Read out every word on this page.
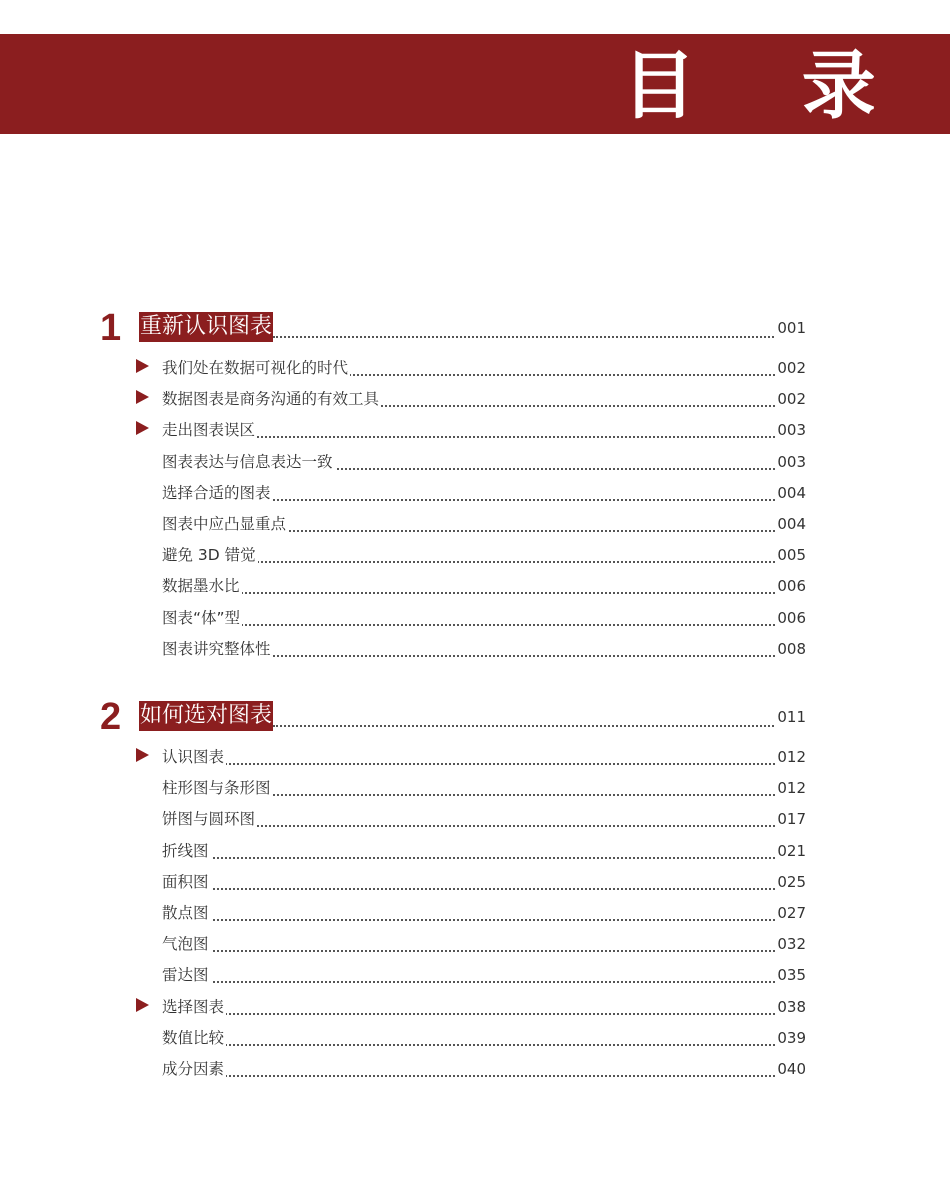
目 录
1 重新认识图表	001
我们处在数据可视化的时代	002
数据图表是商务沟通的有效工具	002
走出图表误区	003
图表表达与信息表达一致	003
选择合适的图表	004
图表中应凸显重点	004
避免 3D 错觉	005
数据墨水比	006
图表“体”型	006
图表讲究整体性	008
2 如何选对图表	011
认识图表	012
柱形图与条形图	012
饼图与圆环图	017
折线图	021
面积图	025
散点图	027
气泡图	032
雷达图	035
选择图表	038
数值比较	039
成分因素	040
